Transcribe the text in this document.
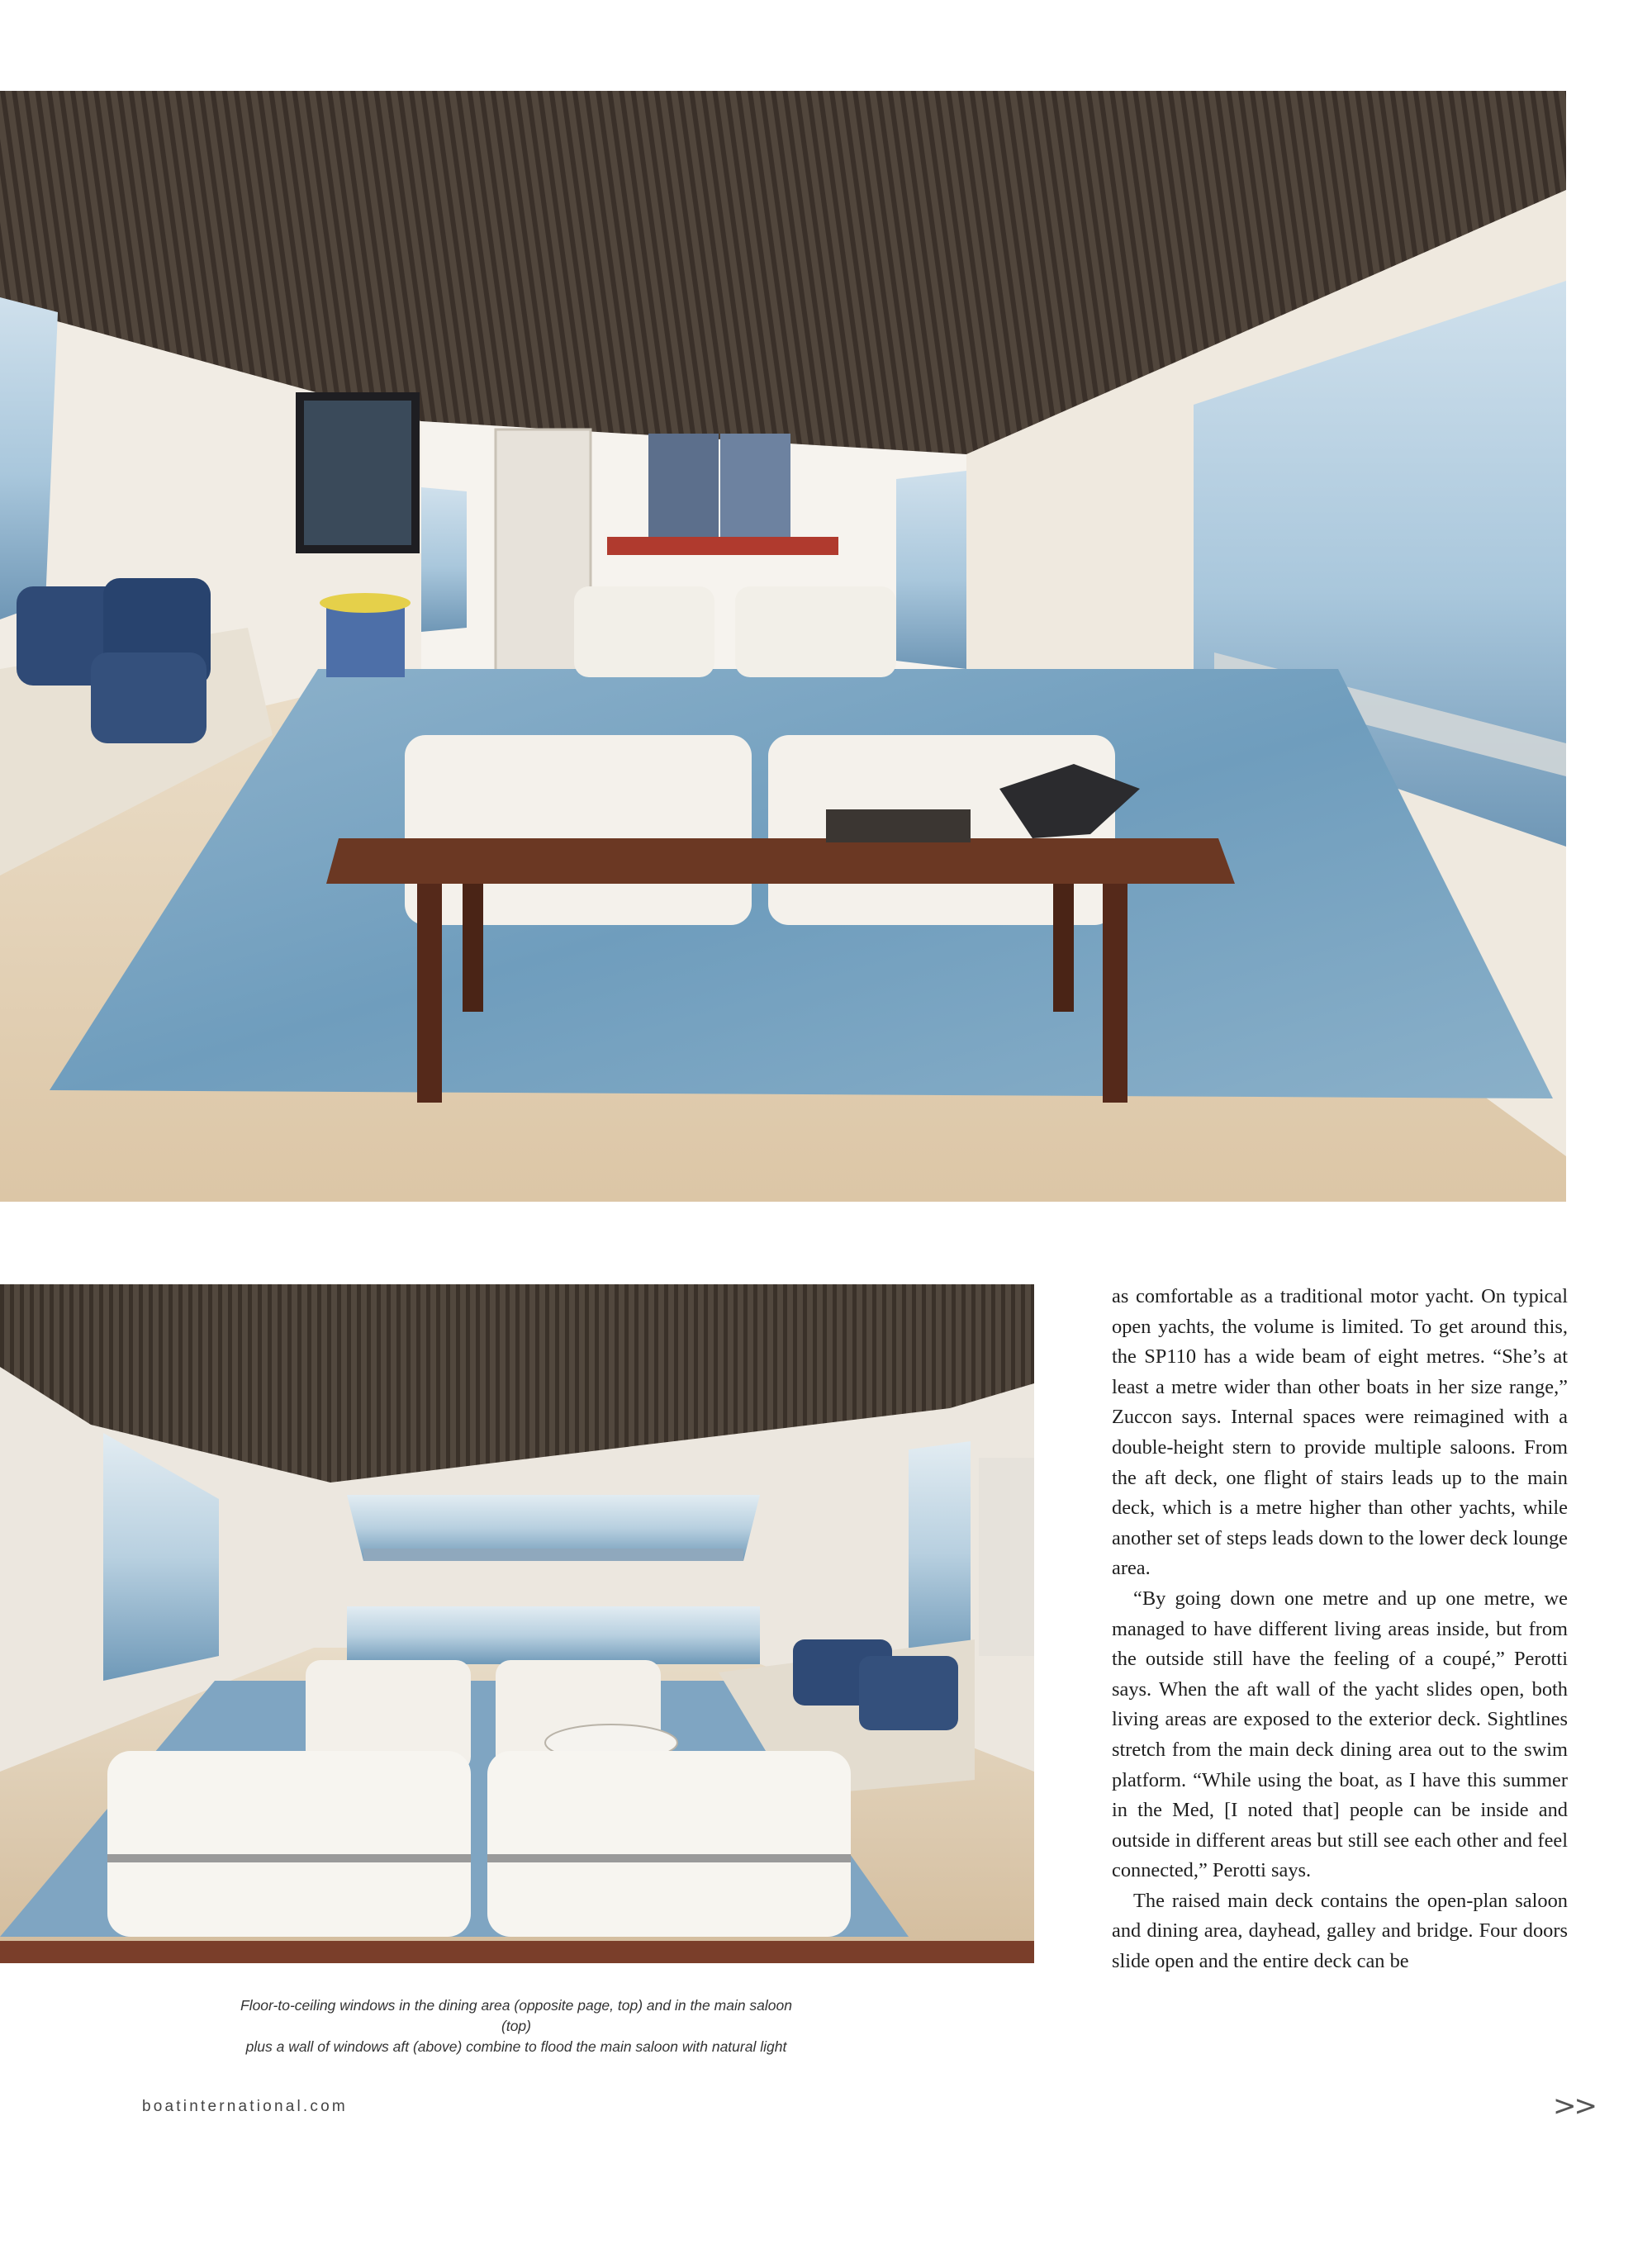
as comfortable as a traditional motor yacht. On typical open yachts, the volume is limited. To get around this, the SP110 has a wide beam of eight metres. “She’s at least a metre wider than other boats in her size range,” Zuccon says. Internal spaces were reimagined with a double-height stern to provide multiple saloons. From the aft deck, one flight of stairs leads up to the main deck, which is a metre higher than other yachts, while another set of steps leads down to the lower deck lounge area.

“By going down one metre and up one metre, we managed to have different living areas inside, but from the outside still have the feeling of a coupé,” Perotti says. When the aft wall of the yacht slides open, both living areas are exposed to the exterior deck. Sightlines stretch from the main deck dining area out to the swim platform. “While using the boat, as I have this summer in the Med, [I noted that] people can be inside and outside in different areas but still see each other and feel connected,” Perotti says.

The raised main deck contains the open-plan saloon and dining area, dayhead, galley and bridge. Four doors slide open and the entire deck can be

Floor-to-ceiling windows in the dining area (opposite page, top) and in the main saloon (top)
plus a wall of windows aft (above) combine to flood the main saloon with natural light
boatinternational.com	>>
